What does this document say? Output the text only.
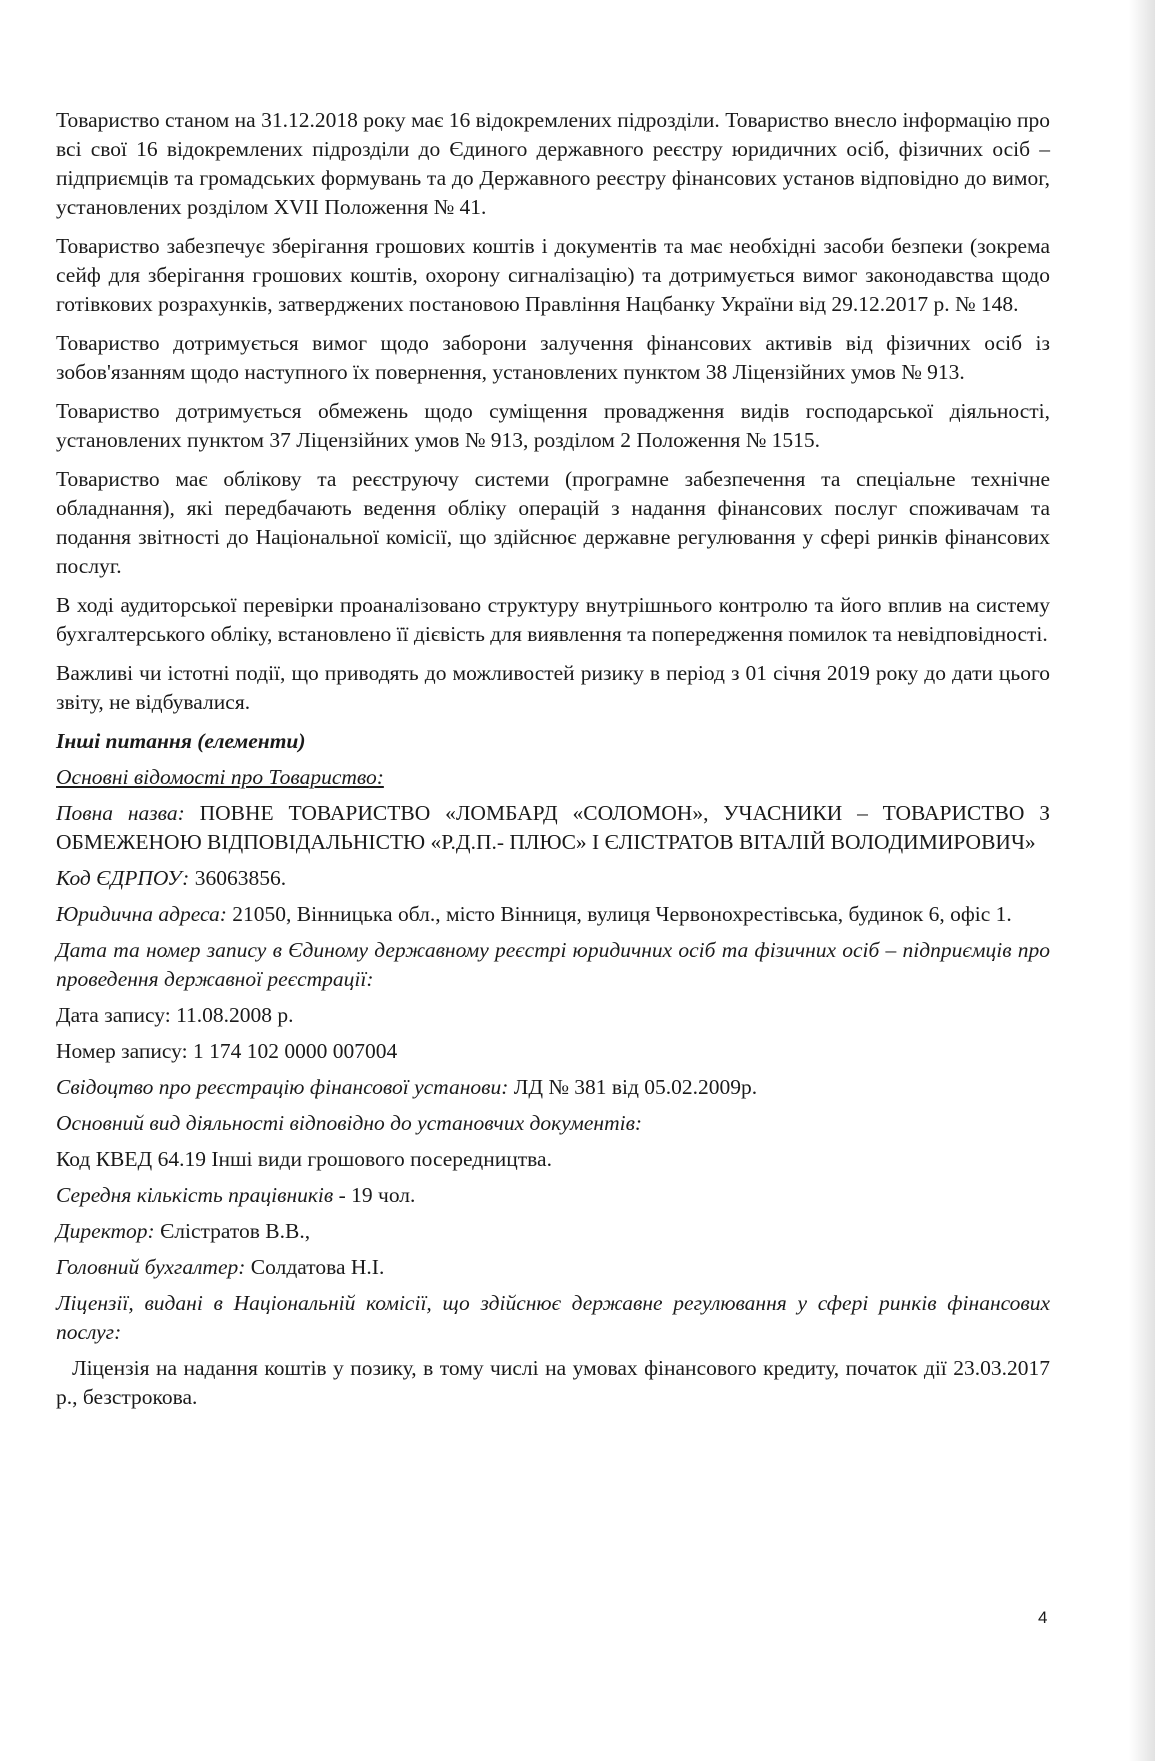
Товариство станом на 31.12.2018 року має 16 відокремлених підрозділи. Товариство внесло інформацію про всі свої 16 відокремлених підрозділи до Єдиного державного реєстру юридичних осіб, фізичних осіб – підприємців та громадських формувань та до Державного реєстру фінансових установ відповідно до вимог, установлених розділом XVII Положення № 41.

Товариство забезпечує зберігання грошових коштів і документів та має необхідні засоби безпеки (зокрема сейф для зберігання грошових коштів, охорону сигналізацію) та дотримується вимог законодавства щодо готівкових розрахунків, затверджених постановою Правління Нацбанку України від 29.12.2017 р. № 148.

Товариство дотримується вимог щодо заборони залучення фінансових активів від фізичних осіб із зобов'язанням щодо наступного їх повернення, установлених пунктом 38 Ліцензійних умов № 913.

Товариство дотримується обмежень щодо суміщення провадження видів господарської діяльності, установлених пунктом 37 Ліцензійних умов № 913, розділом 2 Положення № 1515.

Товариство має облікову та реєструючу системи (програмне забезпечення та спеціальне технічне обладнання), які передбачають ведення обліку операцій з надання фінансових послуг споживачам та подання звітності до Національної комісії, що здійснює державне регулювання у сфері ринків фінансових послуг.

В ході аудиторської перевірки проаналізовано структуру внутрішнього контролю та його вплив на систему бухгалтерського обліку, встановлено її дієвість для виявлення та попередження помилок та невідповідності.

Важливі чи істотні події, що приводять до можливостей ризику в період з 01 січня 2019 року до дати цього звіту, не відбувалися.

Інші питання (елементи)

Основні відомості про Товариство:

Повна назва: ПОВНЕ ТОВАРИСТВО «ЛОМБАРД «СОЛОМОН», УЧАСНИКИ – ТОВАРИСТВО З ОБМЕЖЕНОЮ ВІДПОВІДАЛЬНІСТЮ «Р.Д.П.- ПЛЮС» І ЄЛІСТРАТОВ ВІТАЛІЙ ВОЛОДИМИРОВИЧ»

Код ЄДРПОУ: 36063856.

Юридична адреса: 21050, Вінницька обл., місто Вінниця, вулиця Червонохрестівська, будинок 6, офіс 1.

Дата та номер запису в Єдиному державному реєстрі юридичних осіб та фізичних осіб – підприємців про проведення державної реєстрації:

Дата запису: 11.08.2008 р.

Номер запису: 1 174 102 0000 007004

Свідоцтво про реєстрацію фінансової установи: ЛД № 381 від 05.02.2009р.

Основний вид діяльності відповідно до установчих документів:

Код КВЕД 64.19 Інші види грошового посередництва.

Середня кількість працівників - 19 чол.

Директор: Єлістратов В.В.,

Головний бухгалтер: Солдатова Н.І.

Ліцензії, видані в Національній комісії, що здійснює державне регулювання у сфері ринків фінансових послуг:

Ліцензія на надання коштів у позику, в тому числі на умовах фінансового кредиту, початок дії 23.03.2017 р., безстрокова.

4
